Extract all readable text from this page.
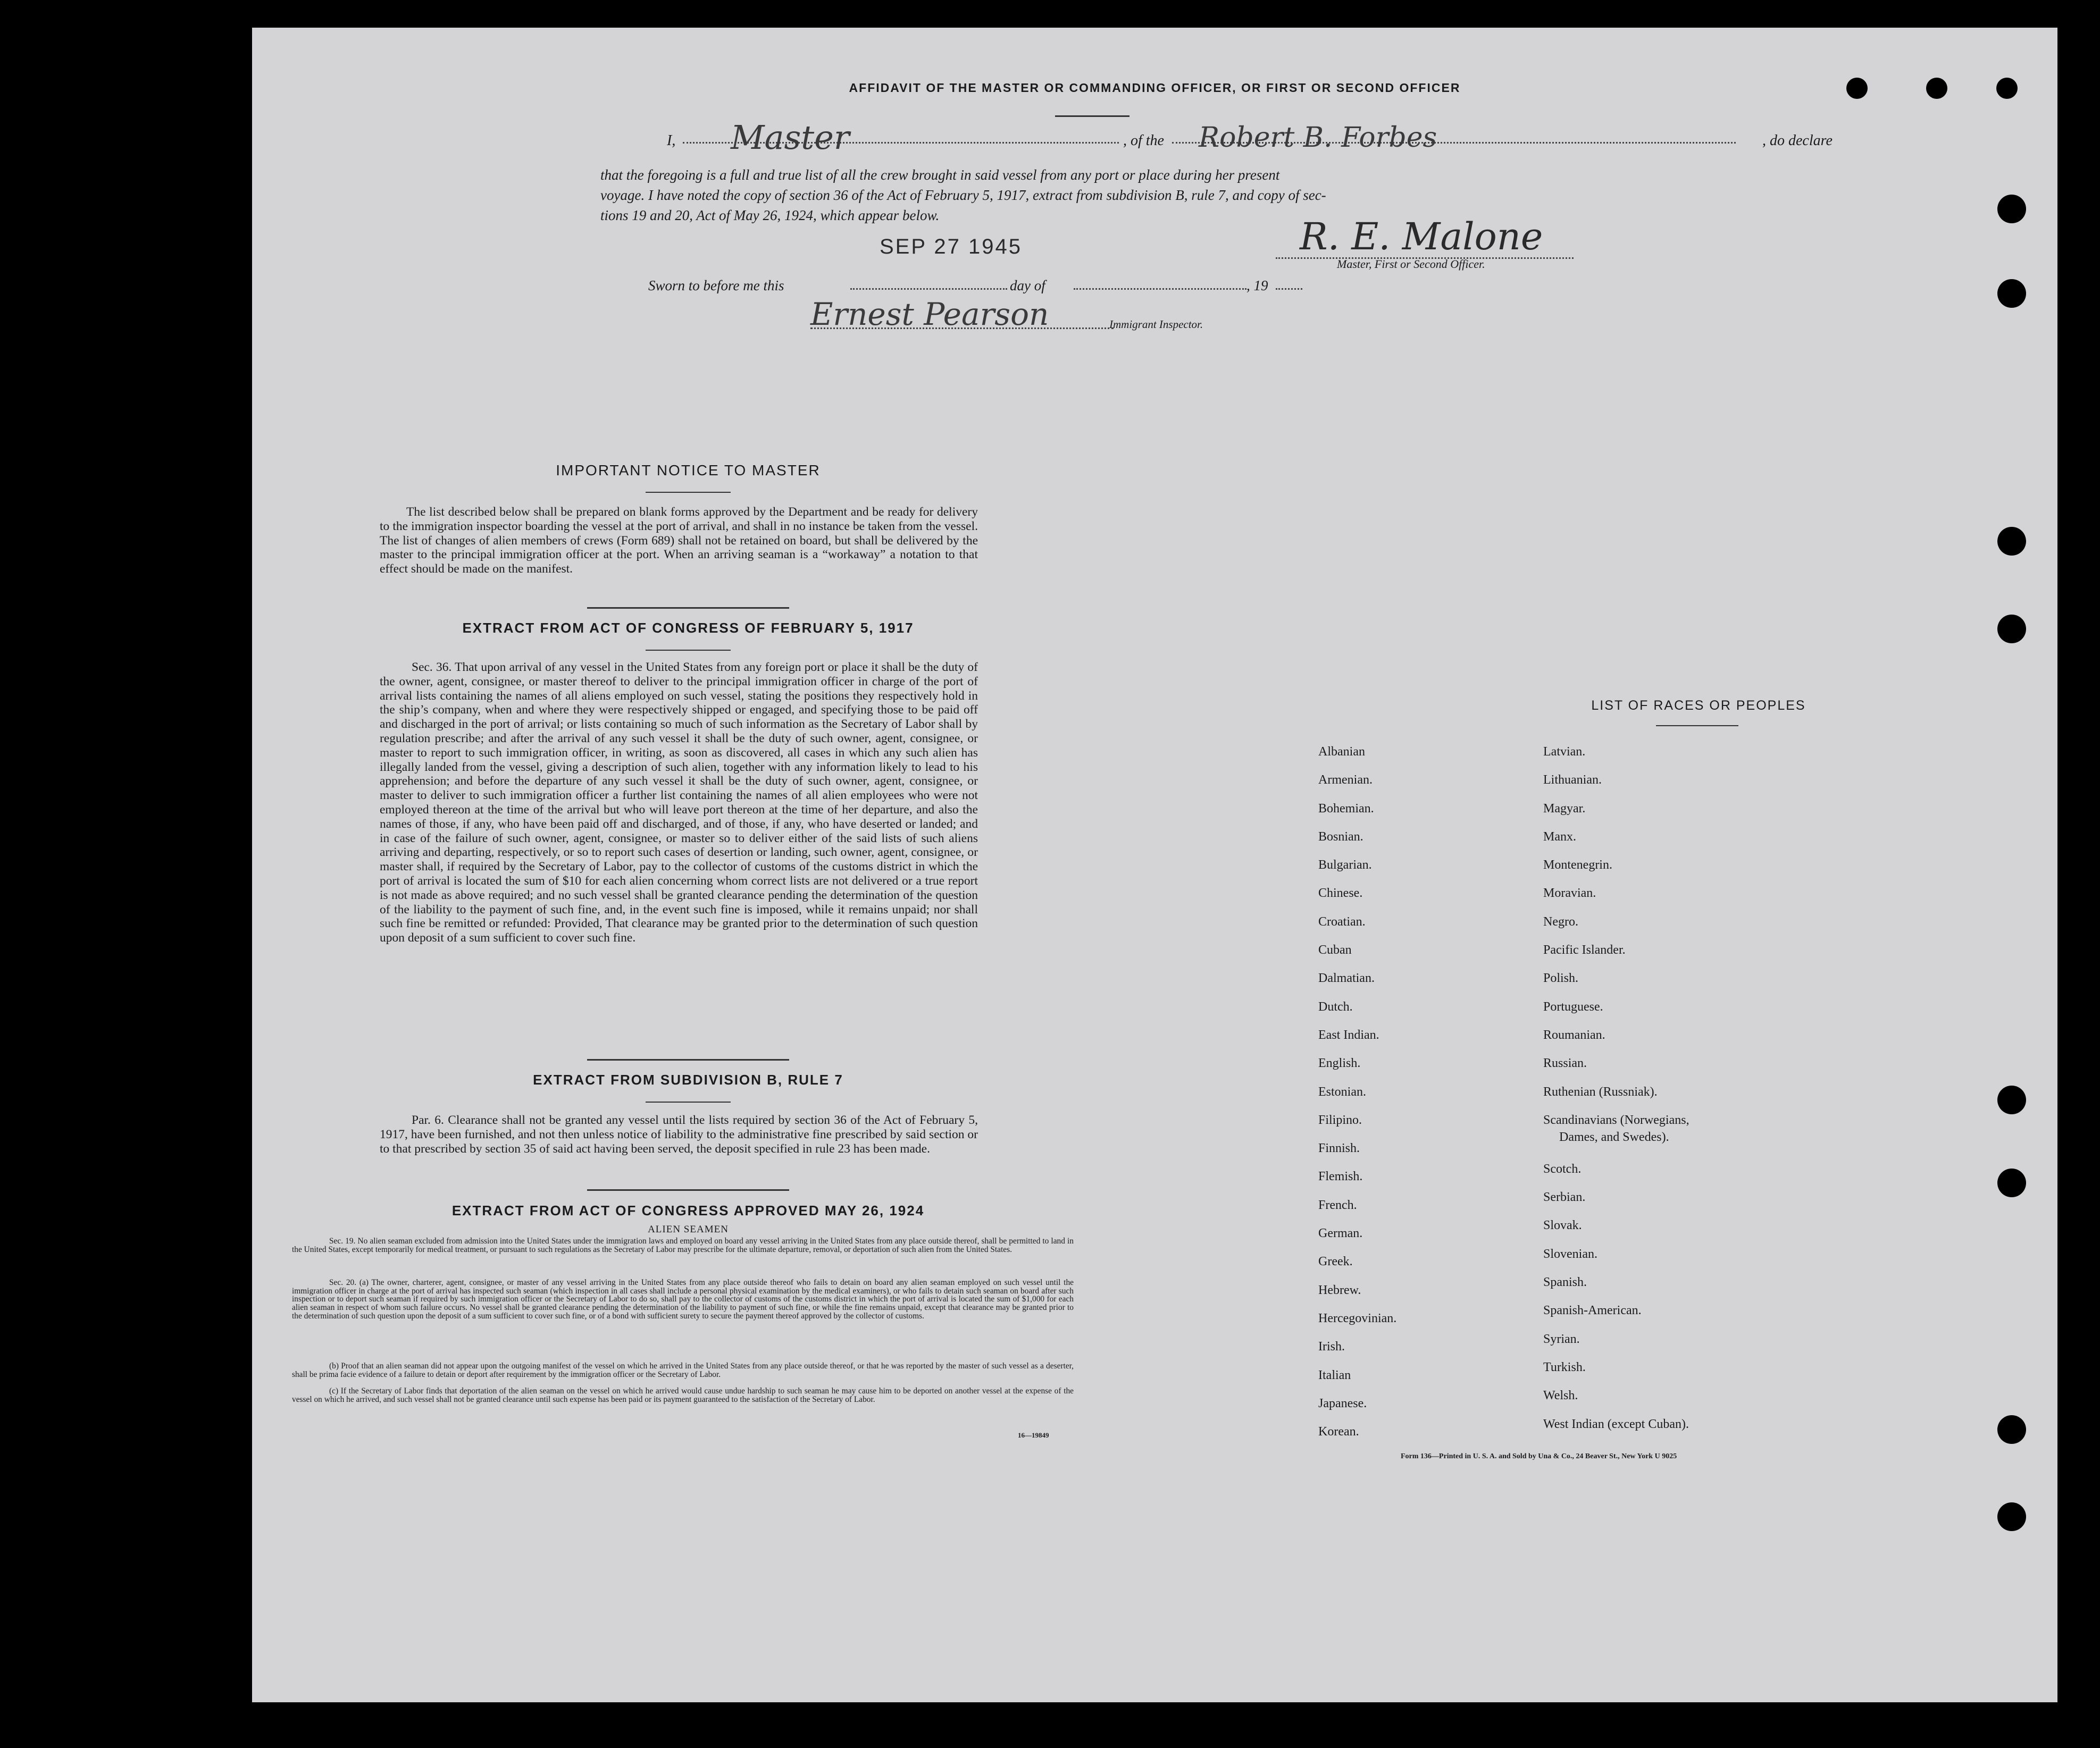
AFFIDAVIT OF THE MASTER OR COMMANDING OFFICER, OR FIRST OR SECOND OFFICER
I, Master	, of the Robert B. Forbes	, do declare
that the foregoing is a full and true list of all the crew brought in said vessel from any port or place during her present
voyage. I have noted the copy of section 36 of the Act of February 5, 1917, extract from subdivision B, rule 7, and copy of sec-
tions 19 and 20, Act of May 26, 1924, which appear below.
SEP 27 1945	R. E. Malone
Master, First or Second Officer.
Sworn to before me this	day of	, 19
Ernest Pearson	Immigrant Inspector.
IMPORTANT NOTICE TO MASTER
The list described below shall be prepared on blank forms approved by the Department and be ready for delivery to the immigration inspector boarding the vessel at the port of arrival, and shall in no instance be taken from the vessel. The list of changes of alien members of crews (Form 689) shall not be retained on board, but shall be delivered by the master to the principal immigration officer at the port. When an arriving seaman is a “workaway” a notation to that effect should be made on the manifest.
EXTRACT FROM ACT OF CONGRESS OF FEBRUARY 5, 1917
Sec. 36. That upon arrival of any vessel in the United States from any foreign port or place it shall be the duty of the owner, agent, consignee, or master thereof to deliver to the principal immigration officer in charge of the port of arrival lists containing the names of all aliens employed on such vessel, stating the positions they respectively hold in the ship’s company, when and where they were respectively shipped or engaged, and specifying those to be paid off and discharged in the port of arrival; or lists containing so much of such information as the Secretary of Labor shall by regulation prescribe; and after the arrival of any such vessel it shall be the duty of such owner, agent, consignee, or master to report to such immigration officer, in writing, as soon as discovered, all cases in which any such alien has illegally landed from the vessel, giving a description of such alien, together with any information likely to lead to his apprehension; and before the departure of any such vessel it shall be the duty of such owner, agent, consignee, or master to deliver to such immigration officer a further list containing the names of all alien employees who were not employed thereon at the time of the arrival but who will leave port thereon at the time of her departure, and also the names of those, if any, who have been paid off and discharged, and of those, if any, who have deserted or landed; and in case of the failure of such owner, agent, consignee, or master so to deliver either of the said lists of such aliens arriving and departing, respectively, or so to report such cases of desertion or landing, such owner, agent, consignee, or master shall, if required by the Secretary of Labor, pay to the collector of customs of the customs district in which the port of arrival is located the sum of $10 for each alien concerning whom correct lists are not delivered or a true report is not made as above required; and no such vessel shall be granted clearance pending the determination of the question of the liability to the payment of such fine, and, in the event such fine is imposed, while it remains unpaid; nor shall such fine be remitted or refunded: Provided, That clearance may be granted prior to the determination of such question upon deposit of a sum sufficient to cover such fine.
EXTRACT FROM SUBDIVISION B, RULE 7
Par. 6. Clearance shall not be granted any vessel until the lists required by section 36 of the Act of February 5, 1917, have been furnished, and not then unless notice of liability to the administrative fine prescribed by said section or to that prescribed by section 35 of said act having been served, the deposit specified in rule 23 has been made.
EXTRACT FROM ACT OF CONGRESS APPROVED MAY 26, 1924
ALIEN SEAMEN
Sec. 19. No alien seaman excluded from admission into the United States under the immigration laws and employed on board any vessel arriving in the United States from any place outside thereof, shall be permitted to land in the United States, except temporarily for medical treatment, or pursuant to such regulations as the Secretary of Labor may prescribe for the ultimate departure, removal, or deportation of such alien from the United States.
Sec. 20. (a) The owner, charterer, agent, consignee, or master of any vessel arriving in the United States from any place outside thereof who fails to detain on board any alien seaman employed on such vessel until the immigration officer in charge at the port of arrival has inspected such seaman (which inspection in all cases shall include a personal physical examination by the medical examiners), or who fails to detain such seaman on board after such inspection or to deport such seaman if required by such immigration officer or the Secretary of Labor to do so, shall pay to the collector of customs of the customs district in which the port of arrival is located the sum of $1,000 for each alien seaman in respect of whom such failure occurs. No vessel shall be granted clearance pending the determination of the liability to payment of such fine, or while the fine remains unpaid, except that clearance may be granted prior to the determination of such question upon the deposit of a sum sufficient to cover such fine, or of a bond with sufficient surety to secure the payment thereof approved by the collector of customs.
(b) Proof that an alien seaman did not appear upon the outgoing manifest of the vessel on which he arrived in the United States from any place outside thereof, or that he was reported by the master of such vessel as a deserter, shall be prima facie evidence of a failure to detain or deport after requirement by the immigration officer or the Secretary of Labor.
(c) If the Secretary of Labor finds that deportation of the alien seaman on the vessel on which he arrived would cause undue hardship to such seaman he may cause him to be deported on another vessel at the expense of the vessel on which he arrived, and such vessel shall not be granted clearance until such expense has been paid or its payment guaranteed to the satisfaction of the Secretary of Labor.
16—19849
LIST OF RACES OR PEOPLES
Albanian
Armenian.
Bohemian.
Bosnian.
Bulgarian.
Chinese.
Croatian.
Cuban
Dalmatian.
Dutch.
East Indian.
English.
Estonian.
Filipino.
Finnish.
Flemish.
French.
German.
Greek.
Hebrew.
Hercegovinian.
Irish.
Italian
Japanese.
Korean.
Latvian.
Lithuanian.
Magyar.
Manx.
Montenegrin.
Moravian.
Negro.
Pacific Islander.
Polish.
Portuguese.
Roumanian.
Russian.
Ruthenian (Russniak).
Scandinavians (Norwegians,
Dames, and Swedes).
Scotch.
Serbian.
Slovak.
Slovenian.
Spanish.
Spanish-American.
Syrian.
Turkish.
Welsh.
West Indian (except Cuban).
Form 136—Printed in U. S. A. and Sold by Una & Co., 24 Beaver St., New York U 9025
